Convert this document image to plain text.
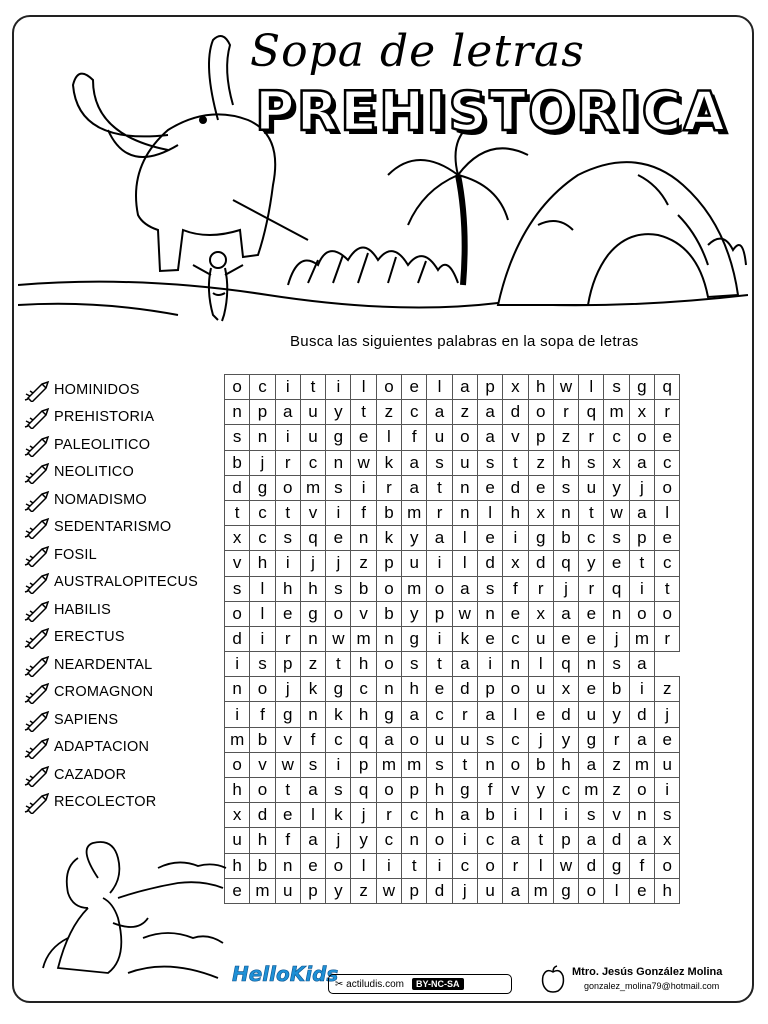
Sopa de letras
PREHISTORICA
Busca las siguientes palabras en la sopa de letras
HOMINIDOS
PREHISTORIA
PALEOLITICO
NEOLITICO
NOMADISMO
SEDENTARISMO
FOSIL
AUSTRALOPITECUS
HABILIS
ERECTUS
NEARDENTAL
CROMAGNON
SAPIENS
ADAPTACION
CAZADOR
RECOLECTOR
o	c	i	t	i	l	o	e	l	a	p	x	h	w	l	s	g	q
n	p	a	u	y	t	z	c	a	z	a	d	o	r	q	m	x	r
s	n	i	u	g	e	l	f	u	o	a	v	p	z	r	c	o	e
b	j	r	c	n	w	k	a	s	u	s	t	z	h	s	x	a	c
d	g	o	m	s	i	r	a	t	n	e	d	e	s	u	y	j	o
t	c	t	v	i	f	b	m	r	n	l	h	x	n	t	w	a	l
x	c	s	q	e	n	k	y	a	l	e	i	g	b	c	s	p	e
v	h	i	j	j	z	p	u	i	l	d	x	d	q	y	e	t	c
s	l	h	h	s	b	o	m	o	a	s	f	r	j	r	q	i	t
o	l	e	g	o	v	b	y	p	w	n	e	x	a	e	n	o	o
d	i	r	n	w	m	n	g	i	k	e	c	u	e	e	j	m	r
i	s	p	z	t	h	o	s	t	a	i	n	l	q	n	s	a	
n	o	j	k	g	c	n	h	e	d	p	o	u	x	e	b	i	z
i	f	g	n	k	h	g	a	c	r	a	l	e	d	u	y	d	j
m	b	v	f	c	q	a	o	u	u	s	c	j	y	g	r	a	e
o	v	w	s	i	p	m	m	s	t	n	o	b	h	a	z	m	u
h	o	t	a	s	q	o	p	h	g	f	v	y	c	m	z	o	i
x	d	e	l	k	j	r	c	h	a	b	i	l	i	s	v	n	s
u	h	f	a	j	y	c	n	o	i	c	a	t	p	a	d	a	x
h	b	n	e	o	l	i	t	i	c	o	r	l	w	d	g	f	o
e	m	u	p	y	z	w	p	d	j	u	a	m	g	o	l	e	h
HelloKids
✂ actiludis.com	BY-NC-SA
Mtro. Jesús González Molina
gonzalez_molina79@hotmail.com
